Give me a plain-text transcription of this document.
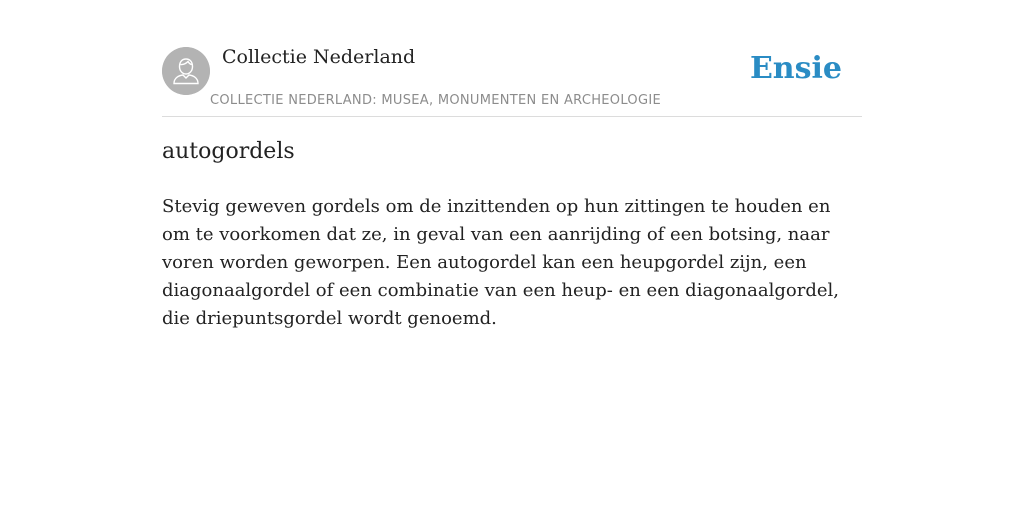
Collectie Nederland
COLLECTIE NEDERLAND: MUSEA, MONUMENTEN EN ARCHEOLOGIE
Ensie
autogordels

Stevig geweven gordels om de inzittenden op hun zittingen te houden en om te voorkomen dat ze, in geval van een aanrijding of een botsing, naar voren worden geworpen. Een autogordel kan een heupgordel zijn, een diagonaalgordel of een combinatie van een heup- en een diagonaalgordel, die driepuntsgordel wordt genoemd.
